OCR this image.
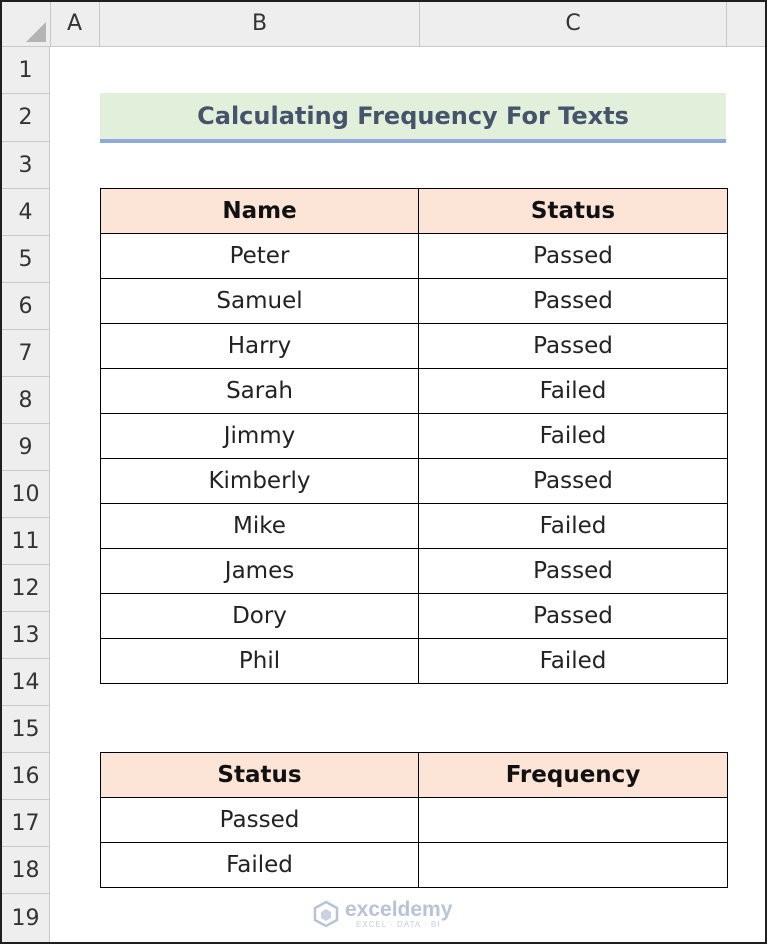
A	B	C
1
2
3
4
5
6
7
8
9
10
11
12
13
14
15
16
17
18
19
Calculating Frequency For Texts
Name	Status
Peter	Passed
Samuel	Passed
Harry	Passed
Sarah	Failed
Jimmy	Failed
Kimberly	Passed
Mike	Failed
James	Passed
Dory	Passed
Phil	Failed
Status	Frequency
Passed	
Failed	
exceldemy
EXCEL · DATA · BI
